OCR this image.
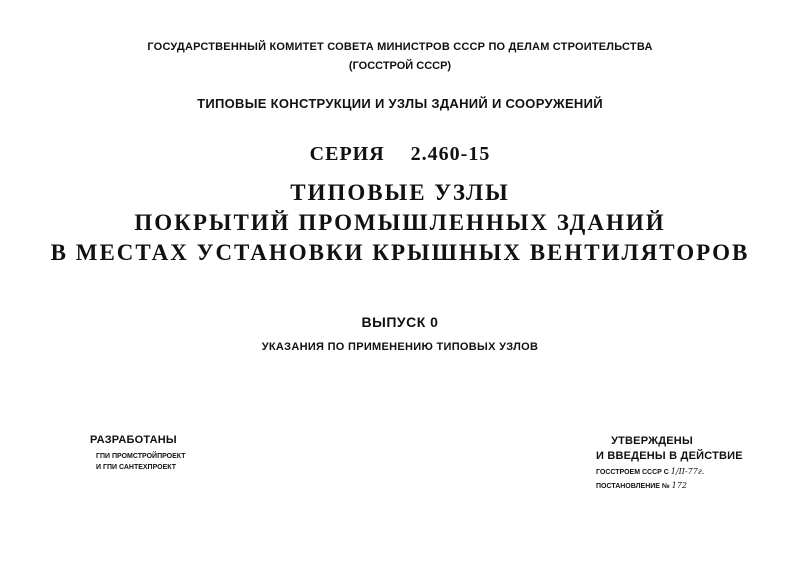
ГОСУДАРСТВЕННЫЙ КОМИТЕТ СОВЕТА МИНИСТРОВ СССР ПО ДЕЛАМ СТРОИТЕЛЬСТВА
(ГОССТРОЙ СССР)
ТИПОВЫЕ КОНСТРУКЦИИ И УЗЛЫ ЗДАНИЙ И СООРУЖЕНИЙ
СЕРИЯ 2.460-15
ТИПОВЫЕ УЗЛЫ
ПОКРЫТИЙ ПРОМЫШЛЕННЫХ ЗДАНИЙ
В МЕСТАХ УСТАНОВКИ КРЫШНЫХ ВЕНТИЛЯТОРОВ
ВЫПУСК 0
УКАЗАНИЯ ПО ПРИМЕНЕНИЮ ТИПОВЫХ УЗЛОВ
РАЗРАБОТАНЫ
ГПИ ПРОМСТРОЙПРОЕКТ
И ГПИ САНТЕХПРОЕКТ
УТВЕРЖДЕНЫ
И ВВЕДЕНЫ В ДЕЙСТВИЕ
ГОССТРОЕМ СССР С 1/II-77г.
ПОСТАНОВЛЕНИЕ № 172
